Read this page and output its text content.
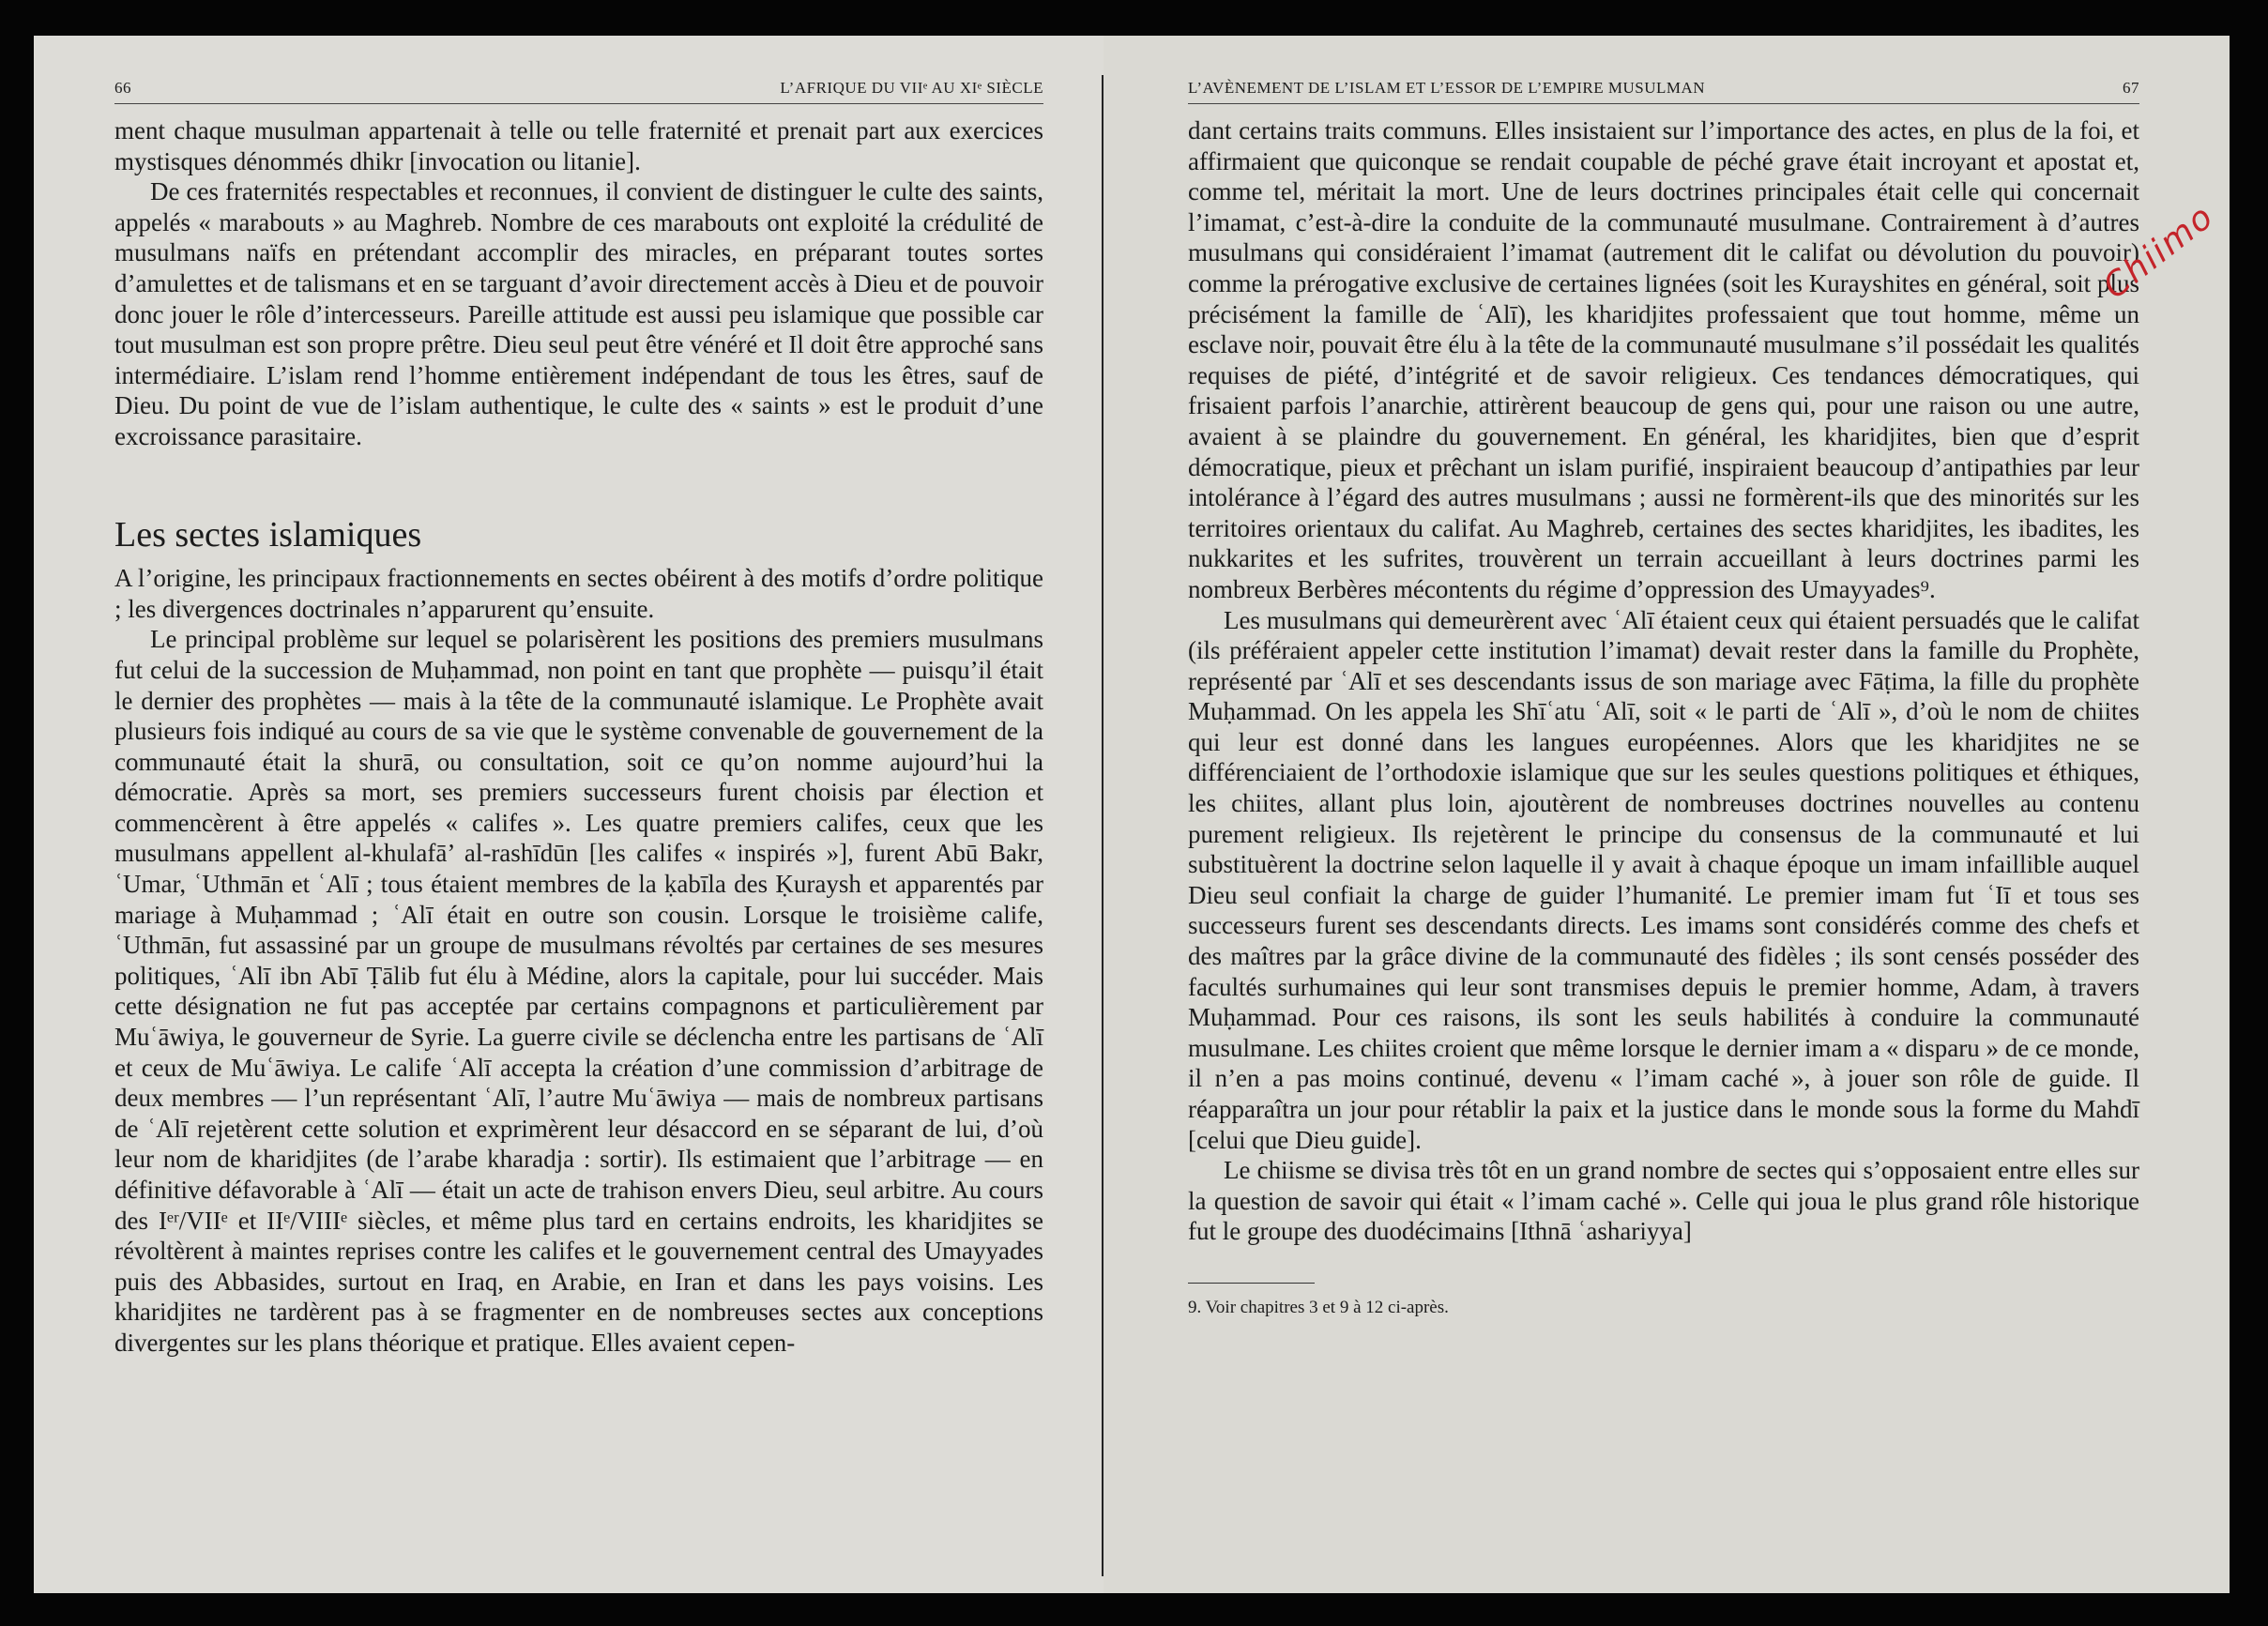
66	L’AFRIQUE DU VIIᵉ AU XIᵉ SIÈCLE

ment chaque musulman appartenait à telle ou telle fraternité et prenait part aux exercices mystisques dénommés dhikr [invocation ou litanie].

De ces fraternités respectables et reconnues, il convient de distinguer le culte des saints, appelés « marabouts » au Maghreb. Nombre de ces marabouts ont exploité la crédulité de musulmans naïfs en prétendant accomplir des miracles, en préparant toutes sortes d’amulettes et de talismans et en se targuant d’avoir directement accès à Dieu et de pouvoir donc jouer le rôle d’intercesseurs. Pareille attitude est aussi peu islamique que possible car tout musulman est son propre prêtre. Dieu seul peut être vénéré et Il doit être approché sans intermédiaire. L’islam rend l’homme entièrement indépendant de tous les êtres, sauf de Dieu. Du point de vue de l’islam authentique, le culte des « saints » est le produit d’une excroissance parasitaire.

Les sectes islamiques

A l’origine, les principaux fractionnements en sectes obéirent à des motifs d’ordre politique ; les divergences doctrinales n’apparurent qu’ensuite.

Le principal problème sur lequel se polarisèrent les positions des premiers musulmans fut celui de la succession de Muḥammad, non point en tant que prophète — puisqu’il était le dernier des prophètes — mais à la tête de la communauté islamique. Le Prophète avait plusieurs fois indiqué au cours de sa vie que le système convenable de gouvernement de la communauté était la shurā, ou consultation, soit ce qu’on nomme aujourd’hui la démocratie. Après sa mort, ses premiers successeurs furent choisis par élection et commencèrent à être appelés « califes ». Les quatre premiers califes, ceux que les musulmans appellent al-khulafā’ al-rashīdūn [les califes « inspirés »], furent Abū Bakr, ʿUmar, ʿUthmān et ʿAlī ; tous étaient membres de la ḳabīla des Ḳuraysh et apparentés par mariage à Muḥammad ; ʿAlī était en outre son cousin. Lorsque le troisième calife, ʿUthmān, fut assassiné par un groupe de musulmans révoltés par certaines de ses mesures politiques, ʿAlī ibn Abī Ṭālib fut élu à Médine, alors la capitale, pour lui succéder. Mais cette désignation ne fut pas acceptée par certains compagnons et particulièrement par Muʿāwiya, le gouverneur de Syrie. La guerre civile se déclencha entre les partisans de ʿAlī et ceux de Muʿāwiya. Le calife ʿAlī accepta la création d’une commission d’arbitrage de deux membres — l’un représentant ʿAlī, l’autre Muʿāwiya — mais de nombreux partisans de ʿAlī rejetèrent cette solution et exprimèrent leur désaccord en se séparant de lui, d’où leur nom de kharidjites (de l’arabe kharadja : sortir). Ils estimaient que l’arbitrage — en définitive défavorable à ʿAlī — était un acte de trahison envers Dieu, seul arbitre. Au cours des Iᵉʳ/VIIᵉ et IIᵉ/VIIIᵉ siècles, et même plus tard en certains endroits, les kharidjites se révoltèrent à maintes reprises contre les califes et le gouvernement central des Umayyades puis des Abbasides, surtout en Iraq, en Arabie, en Iran et dans les pays voisins. Les kharidjites ne tardèrent pas à se fragmenter en de nombreuses sectes aux conceptions divergentes sur les plans théorique et pratique. Elles avaient cepen-

L’AVÈNEMENT DE L’ISLAM ET L’ESSOR DE L’EMPIRE MUSULMAN	67

dant certains traits communs. Elles insistaient sur l’importance des actes, en plus de la foi, et affirmaient que quiconque se rendait coupable de péché grave était incroyant et apostat et, comme tel, méritait la mort. Une de leurs doctrines principales était celle qui concernait l’imamat, c’est-à-dire la conduite de la communauté musulmane. Contrairement à d’autres musulmans qui considéraient l’imamat (autrement dit le califat ou dévolution du pouvoir) comme la prérogative exclusive de certaines lignées (soit les Kurayshites en général, soit plus précisément la famille de ʿAlī), les kharidjites professaient que tout homme, même un esclave noir, pouvait être élu à la tête de la communauté musulmane s’il possédait les qualités requises de piété, d’intégrité et de savoir religieux. Ces tendances démocratiques, qui frisaient parfois l’anarchie, attirèrent beaucoup de gens qui, pour une raison ou une autre, avaient à se plaindre du gouvernement. En général, les kharidjites, bien que d’esprit démocratique, pieux et prêchant un islam purifié, inspiraient beaucoup d’antipathies par leur intolérance à l’égard des autres musulmans ; aussi ne formèrent-ils que des minorités sur les territoires orientaux du califat. Au Maghreb, certaines des sectes kharidjites, les ibadites, les nukkarites et les sufrites, trouvèrent un terrain accueillant à leurs doctrines parmi les nombreux Berbères mécontents du régime d’oppression des Umayyades⁹.

Les musulmans qui demeurèrent avec ʿAlī étaient ceux qui étaient persuadés que le califat (ils préféraient appeler cette institution l’imamat) devait rester dans la famille du Prophète, représenté par ʿAlī et ses descendants issus de son mariage avec Fāṭima, la fille du prophète Muḥammad. On les appela les Shīʿatu ʿAlī, soit « le parti de ʿAlī », d’où le nom de chiites qui leur est donné dans les langues européennes. Alors que les kharidjites ne se différenciaient de l’orthodoxie islamique que sur les seules questions politiques et éthiques, les chiites, allant plus loin, ajoutèrent de nombreuses doctrines nouvelles au contenu purement religieux. Ils rejetèrent le principe du consensus de la communauté et lui substituèrent la doctrine selon laquelle il y avait à chaque époque un imam infaillible auquel Dieu seul confiait la charge de guider l’humanité. Le premier imam fut ʿIī et tous ses successeurs furent ses descendants directs. Les imams sont considérés comme des chefs et des maîtres par la grâce divine de la communauté des fidèles ; ils sont censés posséder des facultés surhumaines qui leur sont transmises depuis le premier homme, Adam, à travers Muḥammad. Pour ces raisons, ils sont les seuls habilités à conduire la communauté musulmane. Les chiites croient que même lorsque le dernier imam a « disparu » de ce monde, il n’en a pas moins continué, devenu « l’imam caché », à jouer son rôle de guide. Il réapparaîtra un jour pour rétablir la paix et la justice dans le monde sous la forme du Mahdī [celui que Dieu guide].

Le chiisme se divisa très tôt en un grand nombre de sectes qui s’opposaient entre elles sur la question de savoir qui était « l’imam caché ». Celle qui joua le plus grand rôle historique fut le groupe des duodécimains [Ithnā ʿashariyya]

9. Voir chapitres 3 et 9 à 12 ci-après.
Chiimo
